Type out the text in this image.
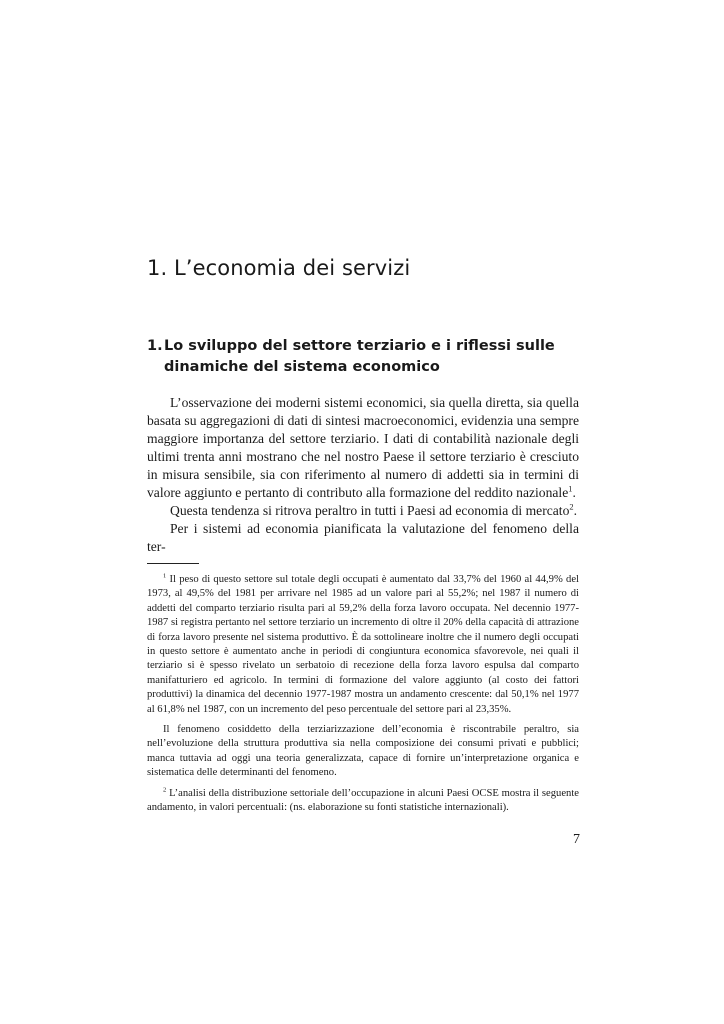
1. L’economia dei servizi
1. Lo sviluppo del settore terziario e i riflessi sulle dinamiche del sistema economico

L’osservazione dei moderni sistemi economici, sia quella diretta, sia quella basata su aggregazioni di dati di sintesi macroeconomici, evidenzia una sempre maggiore importanza del settore terziario. I dati di contabilità nazionale degli ultimi trenta anni mostrano che nel nostro Paese il settore terziario è cresciuto in misura sensibile, sia con riferimento al numero di addetti sia in termini di valore aggiunto e pertanto di contributo alla formazione del reddito nazionale$^1$.

Questa tendenza si ritrova peraltro in tutti i Paesi ad economia di mercato$^2$.

Per i sistemi ad economia pianificata la valutazione del fenomeno della ter-

$^1$ Il peso di questo settore sul totale degli occupati è aumentato dal 33,7% del 1960 al 44,9% del 1973, al 49,5% del 1981 per arrivare nel 1985 ad un valore pari al 55,2%; nel 1987 il numero di addetti del comparto terziario risulta pari al 59,2% della forza lavoro occupata. Nel decennio 1977-1987 si registra pertanto nel settore terziario un incremento di oltre il 20% della capacità di attrazione di forza lavoro presente nel sistema produttivo. È da sottolineare inoltre che il numero degli occupati in questo settore è aumentato anche in periodi di congiuntura economica sfavorevole, nei quali il terziario si è spesso rivelato un serbatoio di recezione della forza lavoro espulsa dal comparto manifatturiero ed agricolo. In termini di formazione del valore aggiunto (al costo dei fattori produttivi) la dinamica del decennio 1977-1987 mostra un andamento crescente: dal 50,1% nel 1977 al 61,8% nel 1987, con un incremento del peso percentuale del settore pari al 23,35%.

Il fenomeno cosiddetto della terziarizzazione dell’economia è riscontrabile peraltro, sia nell’evoluzione della struttura produttiva sia nella composizione dei consumi privati e pubblici; manca tuttavia ad oggi una teoria generalizzata, capace di fornire un’interpretazione organica e sistematica delle determinanti del fenomeno.

$^2$ L’analisi della distribuzione settoriale dell’occupazione in alcuni Paesi OCSE mostra il seguente andamento, in valori percentuali: (ns. elaborazione su fonti statistiche internazionali).

7
